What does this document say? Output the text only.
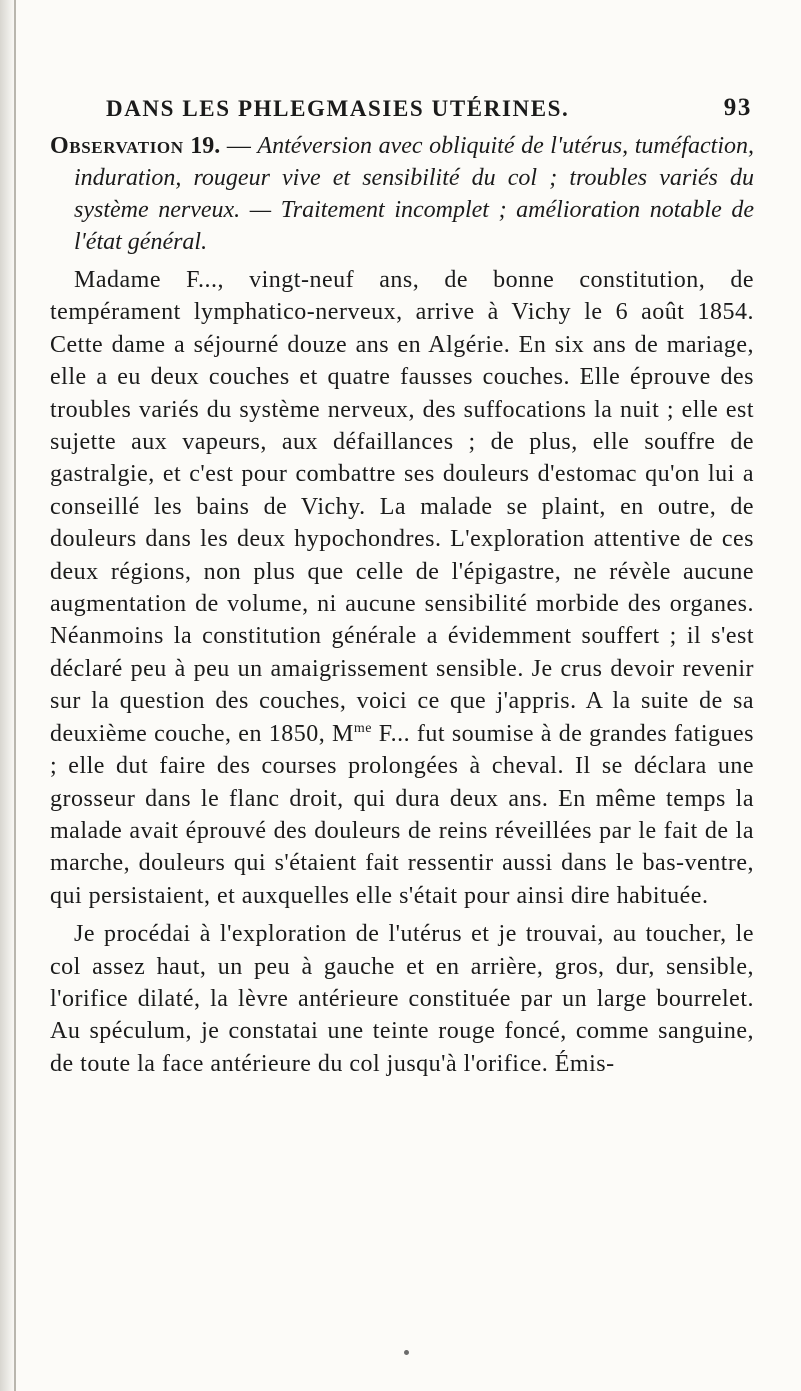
DANS LES PHLEGMASIES UTÉRINES.	93
Observation 19. — Antéversion avec obliquité de l'utérus, tuméfaction, induration, rougeur vive et sensibilité du col ; troubles variés du système nerveux. — Traitement incomplet ; amélioration notable de l'état général.

Madame F..., vingt-neuf ans, de bonne constitution, de tempérament lymphatico-nerveux, arrive à Vichy le 6 août 1854. Cette dame a séjourné douze ans en Algérie. En six ans de mariage, elle a eu deux couches et quatre fausses couches. Elle éprouve des troubles variés du système nerveux, des suffocations la nuit ; elle est sujette aux vapeurs, aux défaillances ; de plus, elle souffre de gastralgie, et c'est pour combattre ses douleurs d'estomac qu'on lui a conseillé les bains de Vichy. La malade se plaint, en outre, de douleurs dans les deux hypochondres. L'exploration attentive de ces deux régions, non plus que celle de l'épigastre, ne révèle aucune augmentation de volume, ni aucune sensibilité morbide des organes. Néanmoins la constitution générale a évidemment souffert ; il s'est déclaré peu à peu un amaigrissement sensible. Je crus devoir revenir sur la question des couches, voici ce que j'appris. A la suite de sa deuxième couche, en 1850, $M^{me}$ F... fut soumise à de grandes fatigues ; elle dut faire des courses prolongées à cheval. Il se déclara une grosseur dans le flanc droit, qui dura deux ans. En même temps la malade avait éprouvé des douleurs de reins réveillées par le fait de la marche, douleurs qui s'étaient fait ressentir aussi dans le bas-ventre, qui persistaient, et auxquelles elle s'était pour ainsi dire habituée.

Je procédai à l'exploration de l'utérus et je trouvai, au toucher, le col assez haut, un peu à gauche et en arrière, gros, dur, sensible, l'orifice dilaté, la lèvre antérieure constituée par un large bourrelet. Au spéculum, je constatai une teinte rouge foncé, comme sanguine, de toute la face antérieure du col jusqu'à l'orifice. Émis-
